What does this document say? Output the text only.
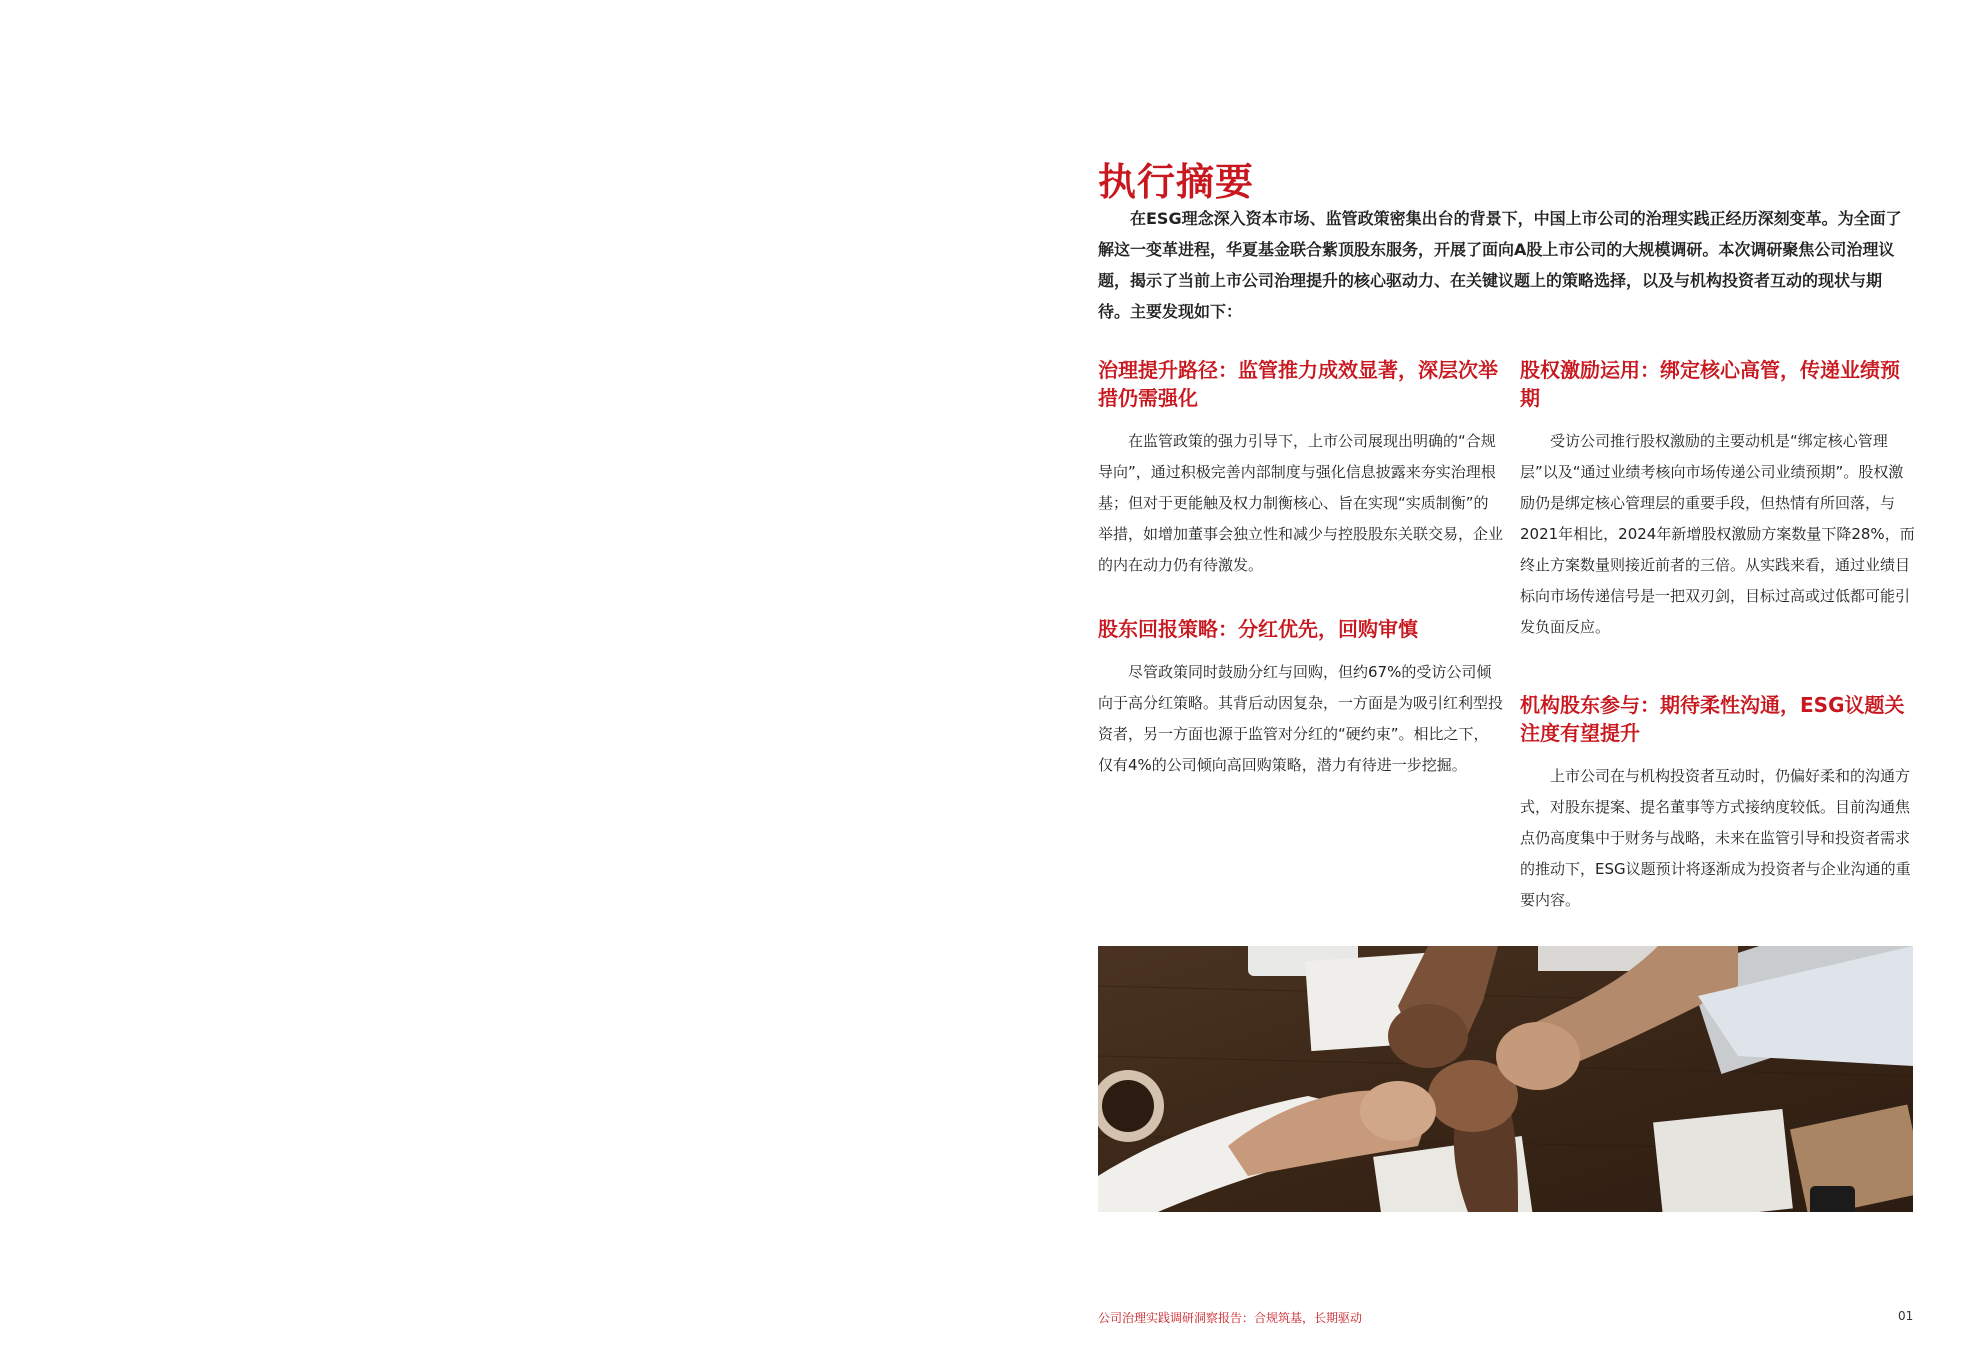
执行摘要

在ESG理念深入资本市场、监管政策密集出台的背景下，中国上市公司的治理实践正经历深刻变革。为全面了解这一变革进程，华夏基金联合紫顶股东服务，开展了面向A股上市公司的大规模调研。本次调研聚焦公司治理议题，揭示了当前上市公司治理提升的核心驱动力、在关键议题上的策略选择，以及与机构投资者互动的现状与期待。主要发现如下：

治理提升路径：监管推力成效显著，深层次举措仍需强化

在监管政策的强力引导下，上市公司展现出明确的“合规导向”，通过积极完善内部制度与强化信息披露来夯实治理根基；但对于更能触及权力制衡核心、旨在实现“实质制衡”的举措，如增加董事会独立性和减少与控股股东关联交易，企业的内在动力仍有待激发。

股东回报策略：分红优先，回购审慎

尽管政策同时鼓励分红与回购，但约67%的受访公司倾向于高分红策略。其背后动因复杂，一方面是为吸引红利型投资者，另一方面也源于监管对分红的“硬约束”。相比之下，仅有4%的公司倾向高回购策略，潜力有待进一步挖掘。

股权激励运用：绑定核心高管，传递业绩预期

受访公司推行股权激励的主要动机是“绑定核心管理层”以及“通过业绩考核向市场传递公司业绩预期”。股权激励仍是绑定核心管理层的重要手段，但热情有所回落，与2021年相比，2024年新增股权激励方案数量下降28%，而终止方案数量则接近前者的三倍。从实践来看，通过业绩目标向市场传递信号是一把双刃剑，目标过高或过低都可能引发负面反应。

机构股东参与：期待柔性沟通，ESG议题关注度有望提升

上市公司在与机构投资者互动时，仍偏好柔和的沟通方式，对股东提案、提名董事等方式接纳度较低。目前沟通焦点仍高度集中于财务与战略，未来在监管引导和投资者需求的推动下，ESG议题预计将逐渐成为投资者与企业沟通的重要内容。

公司治理实践调研洞察报告：合规筑基，长期驱动	01
